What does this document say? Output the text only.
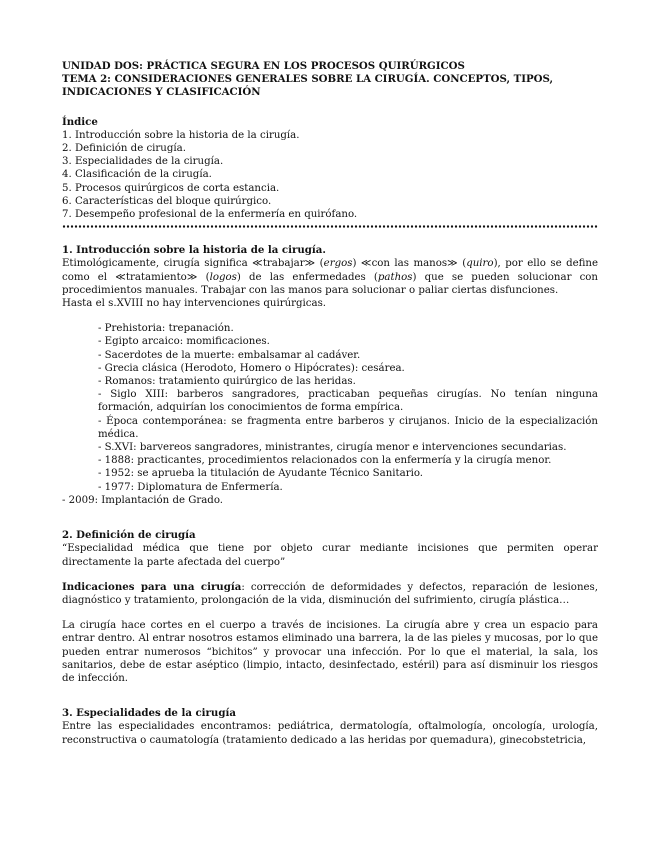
UNIDAD DOS: PRÁCTICA SEGURA EN LOS PROCESOS QUIRÚRGICOS
TEMA 2: CONSIDERACIONES GENERALES SOBRE LA CIRUGÍA. CONCEPTOS, TIPOS, INDICACIONES Y CLASIFICACIÓN
Índice
1. Introducción sobre la historia de la cirugía.
2. Definición de cirugía.
3. Especialidades de la cirugía.
4. Clasificación de la cirugía.
5. Procesos quirúrgicos de corta estancia.
6. Características del bloque quirúrgico.
7. Desempeño profesional de la enfermería en quirófano.
1. Introducción sobre la historia de la cirugía.

Etimológicamente, cirugía significa ≪trabajar≫ (ergos) ≪con las manos≫ (quiro), por ello se define como el ≪tratamiento≫ (logos) de las enfermedades (pathos) que se pueden solucionar con procedimientos manuales. Trabajar con las manos para solucionar o paliar ciertas disfunciones.

Hasta el s.XVIII no hay intervenciones quirúrgicas.
- Prehistoria: trepanación.
- Egipto arcaico: momificaciones.
- Sacerdotes de la muerte: embalsamar al cadáver.
- Grecia clásica (Herodoto, Homero o Hipócrates): cesárea.
- Romanos: tratamiento quirúrgico de las heridas.
- Siglo XIII: barberos sangradores, practicaban pequeñas cirugías. No tenían ninguna formación, adquirían los conocimientos de forma empírica.
- Época contemporánea: se fragmenta entre barberos y cirujanos. Inicio de la especialización médica.
- S.XVI: barvereos sangradores, ministrantes, cirugía menor e intervenciones secundarias.
- 1888: practicantes, procedimientos relacionados con la enfermería y la cirugía menor.
- 1952: se aprueba la titulación de Ayudante Técnico Sanitario.
- 1977: Diplomatura de Enfermería.
- 2009: Implantación de Grado.
2. Definición de cirugía

“Especialidad médica que tiene por objeto curar mediante incisiones que permiten operar directamente la parte afectada del cuerpo”

Indicaciones para una cirugía: corrección de deformidades y defectos, reparación de lesiones, diagnóstico y tratamiento, prolongación de la vida, disminución del sufrimiento, cirugía plástica…

La cirugía hace cortes en el cuerpo a través de incisiones. La cirugía abre y crea un espacio para entrar dentro. Al entrar nosotros estamos eliminado una barrera, la de las pieles y mucosas, por lo que pueden entrar numerosos “bichitos” y provocar una infección. Por lo que el material, la sala, los sanitarios, debe de estar aséptico (limpio, intacto, desinfectado, estéril) para así disminuir los riesgos de infección.

3. Especialidades de la cirugía

Entre las especialidades encontramos: pediátrica, dermatología, oftalmología, oncología, urología, reconstructiva o caumatología (tratamiento dedicado a las heridas por quemadura), ginecobstetricia,
